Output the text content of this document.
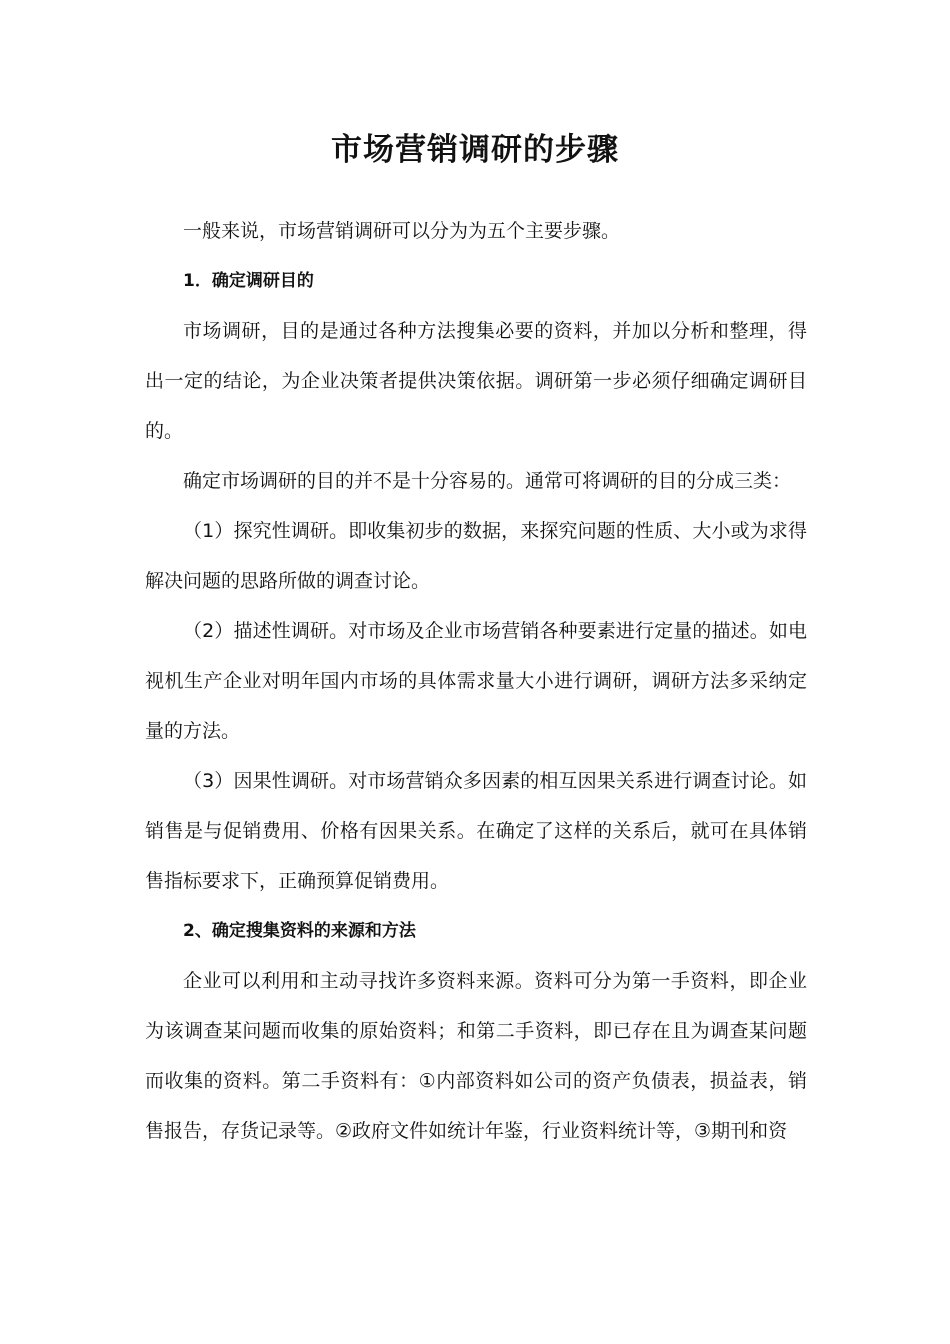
市场营销调研的步骤

一般来说，市场营销调研可以分为为五个主要步骤。

1．确定调研目的

市场调研，目的是通过各种方法搜集必要的资料，并加以分析和整理，得出一定的结论，为企业决策者提供决策依据。调研第一步必须仔细确定调研目的。

确定市场调研的目的并不是十分容易的。通常可将调研的目的分成三类：

（1）探究性调研。即收集初步的数据，来探究问题的性质、大小或为求得解决问题的思路所做的调查讨论。

（2）描述性调研。对市场及企业市场营销各种要素进行定量的描述。如电视机生产企业对明年国内市场的具体需求量大小进行调研，调研方法多采纳定量的方法。

（3）因果性调研。对市场营销众多因素的相互因果关系进行调查讨论。如销售是与促销费用、价格有因果关系。在确定了这样的关系后，就可在具体销售指标要求下，正确预算促销费用。

2、确定搜集资料的来源和方法

企业可以利用和主动寻找许多资料来源。资料可分为第一手资料，即企业为该调查某问题而收集的原始资料；和第二手资料，即已存在且为调查某问题而收集的资料。第二手资料有：①内部资料如公司的资产负债表，损益表，销售报告，存货记录等。②政府文件如统计年鉴，行业资料统计等，③期刊和资
